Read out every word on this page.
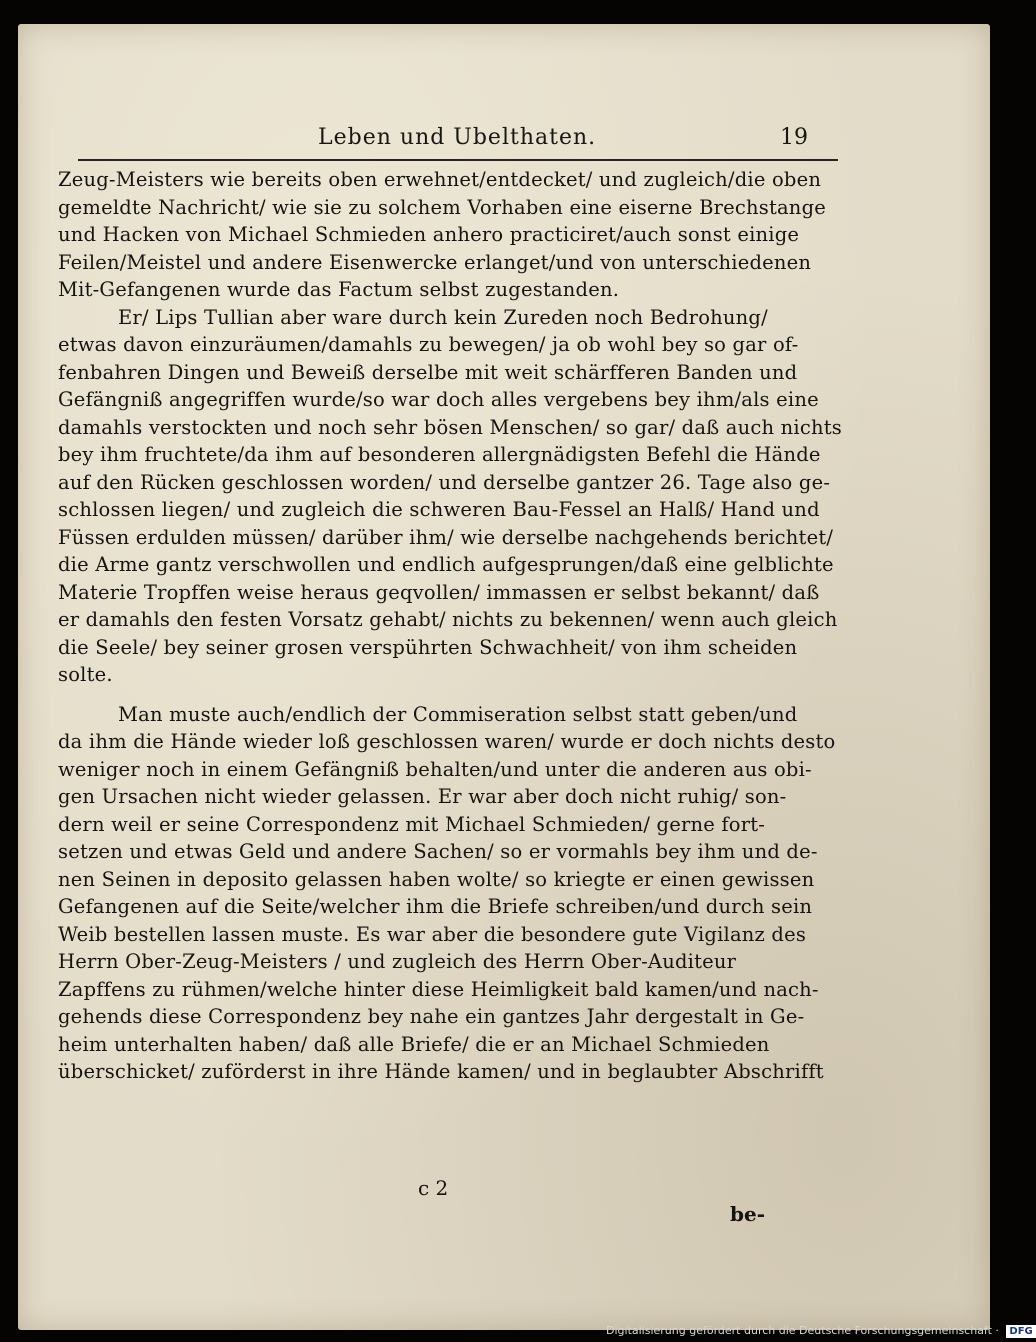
Leben und Ubelthaten.	19
Zeug-Meisters wie bereits oben erwehnet/entdecket/ und zugleich/die oben
gemeldte Nachricht/ wie sie zu solchem Vorhaben eine eiserne Brechstange
und Hacken von Michael Schmieden anhero practiciret/auch sonst einige
Feilen/Meistel und andere Eisenwercke erlanget/und von unterschiedenen
Mit-Gefangenen wurde das Factum selbst zugestanden.
Er/ Lips Tullian aber ware durch kein Zureden noch Bedrohung/
etwas davon einzuräumen/damahls zu bewegen/ ja ob wohl bey so gar of-
fenbahren Dingen und Beweiß derselbe mit weit schärfferen Banden und
Gefängniß angegriffen wurde/so war doch alles vergebens bey ihm/als eine
damahls verstockten und noch sehr bösen Menschen/ so gar/ daß auch nichts
bey ihm fruchtete/da ihm auf besonderen allergnädigsten Befehl die Hände
auf den Rücken geschlossen worden/ und derselbe gantzer 26. Tage also ge-
schlossen liegen/ und zugleich die schweren Bau-Fessel an Halß/ Hand und
Füssen erdulden müssen/ darüber ihm/ wie derselbe nachgehends berichtet/
die Arme gantz verschwollen und endlich aufgesprungen/daß eine gelblichte
Materie Tropffen weise heraus geqvollen/ immassen er selbst bekannt/ daß
er damahls den festen Vorsatz gehabt/ nichts zu bekennen/ wenn auch gleich
die Seele/ bey seiner grosen verspührten Schwachheit/ von ihm scheiden
solte.
Man muste auch/endlich der Commiseration selbst statt geben/und
da ihm die Hände wieder loß geschlossen waren/ wurde er doch nichts desto
weniger noch in einem Gefängniß behalten/und unter die anderen aus obi-
gen Ursachen nicht wieder gelassen. Er war aber doch nicht ruhig/ son-
dern weil er seine Correspondenz mit Michael Schmieden/ gerne fort-
setzen und etwas Geld und andere Sachen/ so er vormahls bey ihm und de-
nen Seinen in deposito gelassen haben wolte/ so kriegte er einen gewissen
Gefangenen auf die Seite/welcher ihm die Briefe schreiben/und durch sein
Weib bestellen lassen muste. Es war aber die besondere gute Vigilanz des
Herrn Ober-Zeug-Meisters / und zugleich des Herrn Ober-Auditeur
Zapffens zu rühmen/welche hinter diese Heimligkeit bald kamen/und nach-
gehends diese Correspondenz bey nahe ein gantzes Jahr dergestalt in Ge-
heim unterhalten haben/ daß alle Briefe/ die er an Michael Schmieden
überschicket/ zuförderst in ihre Hände kamen/ und in beglaubter Abschrifft
c 2
be-
Digitalisierung gefördert durch die Deutsche Forschungsgemeinschaft · DFG
